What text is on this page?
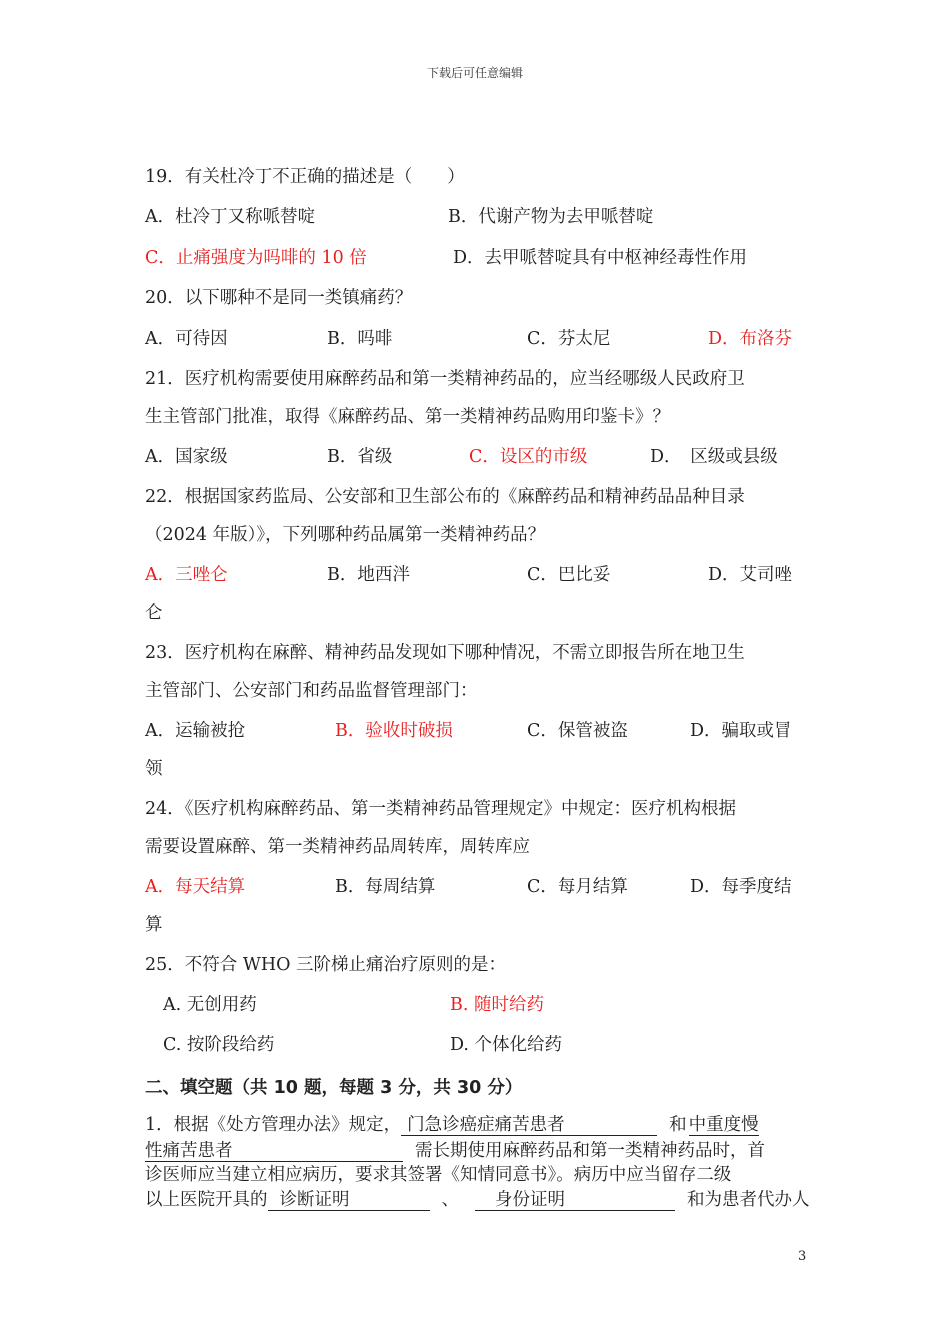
下载后可任意编辑
19．有关杜冷丁不正确的描述是（　　）
A．杜冷丁又称哌替啶	B．代谢产物为去甲哌替啶
C．止痛强度为吗啡的 10 倍	D．去甲哌替啶具有中枢神经毒性作用
20．以下哪种不是同一类镇痛药？
A．可待因	B．吗啡	C．芬太尼	D．布洛芬
21．医疗机构需要使用麻醉药品和第一类精神药品的，应当经哪级人民政府卫
生主管部门批准，取得《麻醉药品、第一类精神药品购用印鉴卡》？
A．国家级	B．省级	C．设区的市级	D．　区级或县级
22．根据国家药监局、公安部和卫生部公布的《麻醉药品和精神药品品种目录
（2024 年版）》，下列哪种药品属第一类精神药品？
A．三唑仑	B．地西泮	C．巴比妥	D．艾司唑
仑
23．医疗机构在麻醉、精神药品发现如下哪种情况，不需立即报告所在地卫生
主管部门、公安部门和药品监督管理部门：
A．运输被抢	B．验收时破损	C．保管被盗	D．骗取或冒
领
24．《医疗机构麻醉药品、第一类精神药品管理规定》中规定：医疗机构根据
需要设置麻醉、第一类精神药品周转库，周转库应
A．每天结算	B．每周结算	C．每月结算	D．每季度结
算
25．不符合 WHO 三阶梯止痛治疗原则的是：
A. 无创用药	B. 随时给药
C. 按阶段给药	D. 个体化给药
二、填空题（共 10 题，每题 3 分，共 30 分）
1．根据《处方管理办法》规定， 门急诊癌症痛苦患者	和 中重度慢
性痛苦患者	需长期使用麻醉药品和第一类精神药品时，首
诊医师应当建立相应病历，要求其签署《知情同意书》。病历中应当留存二级
以上医院开具的 诊断证明	、 身份证明	和为患者代办人
3
